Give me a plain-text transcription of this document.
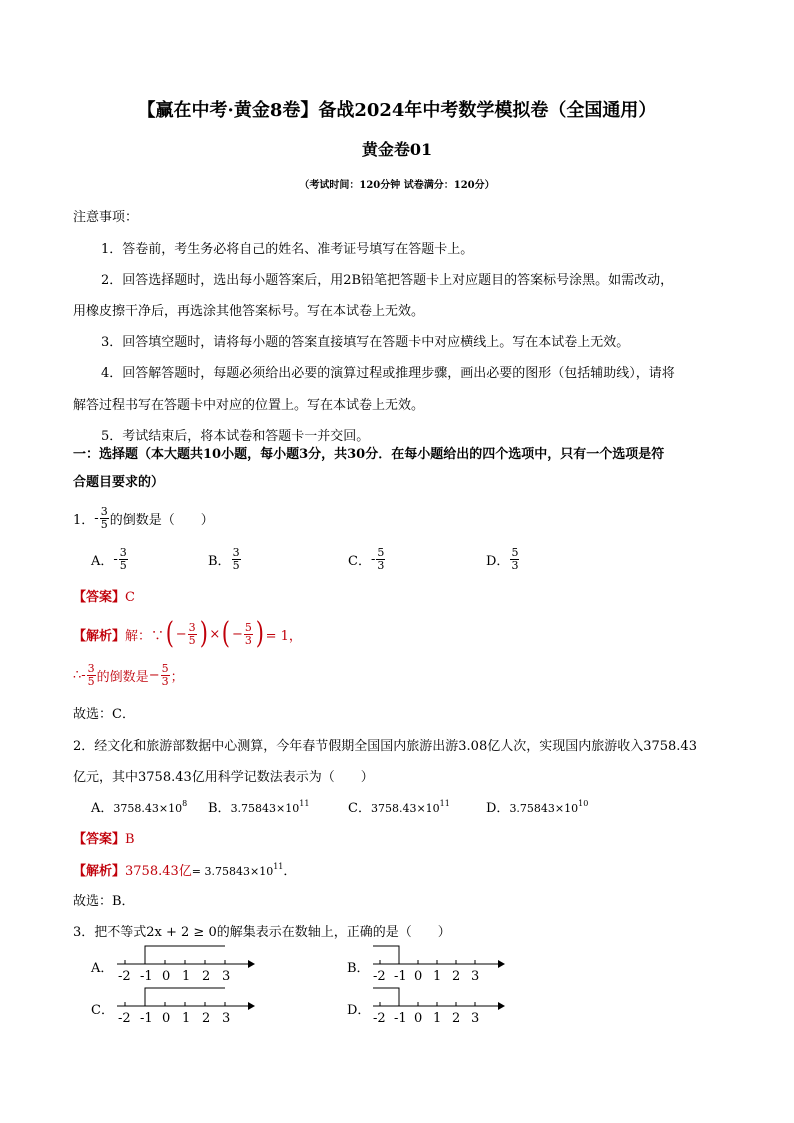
【赢在中考·黄金8卷】备战2024年中考数学模拟卷（全国通用）
黄金卷01
（考试时间：120分钟 试卷满分：120分）
注意事项：
1．答卷前，考生务必将自己的姓名、准考证号填写在答题卡上。
2．回答选择题时，选出每小题答案后，用2B铅笔把答题卡上对应题目的答案标号涂黑。如需改动，
用橡皮擦干净后，再选涂其他答案标号。写在本试卷上无效。
3．回答填空题时，请将每小题的答案直接填写在答题卡中对应横线上。写在本试卷上无效。
4．回答解答题时，每题必须给出必要的演算过程或推理步骤，画出必要的图形（包括辅助线），请将
解答过程书写在答题卡中对应的位置上。写在本试卷上无效。
5．考试结束后，将本试卷和答题卡一并交回。
一：选择题（本大题共10小题，每小题3分，共30分．在每小题给出的四个选项中，只有一个选项是符
合题目要求的）
1． - $\frac{3}{5}$ 的倒数是（　　）
A． - $\frac{3}{5}$	B． $\frac{3}{5}$	C． - $\frac{5}{3}$	D． $\frac{5}{3}$
【答案】C
【解析】 解：∵ ( − $\frac{3}{5}$ ) × ( − $\frac{5}{3}$ ) = 1，
∴- $\frac{3}{5}$ 的倒数是 − $\frac{5}{3}$ ；
故选：C．
2．经文化和旅游部数据中心测算，今年春节假期全国国内旅游出游3.08亿人次，实现国内旅游收入3758.43
亿元，其中3758.43亿用科学记数法表示为（　　）
A．$3758.43\times 10^8$ B．$3.75843\times 10^{11}$	C．$3758.43\times 10^{11}$	D．$3.75843\times 10^{10}$
【答案】B
【解析】3758.43亿= $3.75843\times 10^{11}$．
故选：B．
3．把不等式2x + 2 ≥ 0的解集表示在数轴上，正确的是（　　）
A．	B．
C．	D．
-2 -1 0 1 2 3	-2 -1 0 1 2 3
-2 -1 0 1 2 3	-2 -1 0 1 2 3
